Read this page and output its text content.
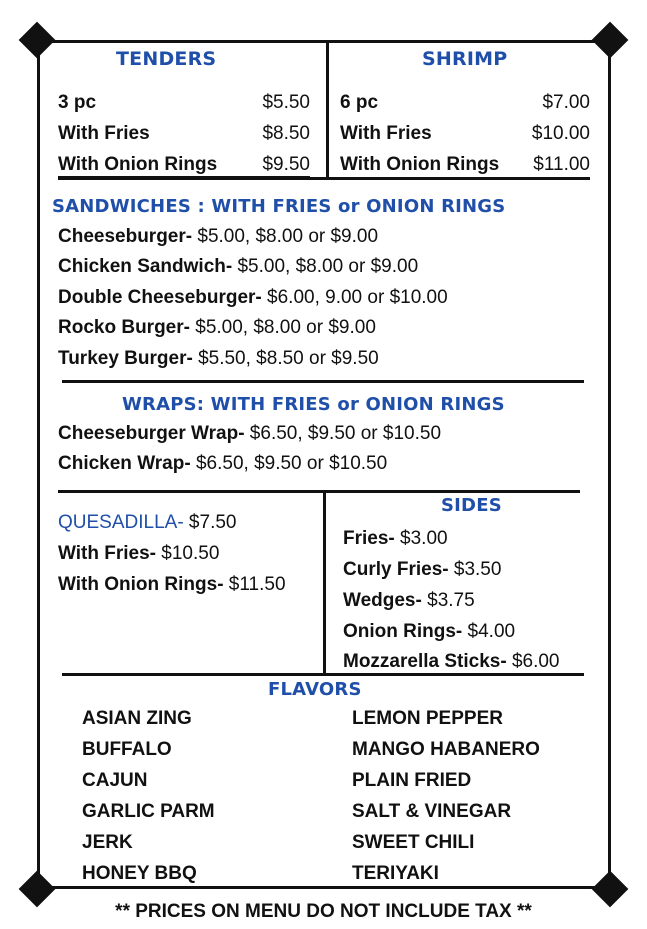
TENDERS	SHRIMP
3 pc	$5.50
With Fries	$8.50
With Onion Rings	$9.50
6 pc	$7.00
With Fries	$10.00
With Onion Rings	$11.00
SANDWICHES : WITH FRIES or ONION RINGS
Cheeseburger- $5.00, $8.00 or $9.00
Chicken Sandwich- $5.00, $8.00 or $9.00
Double Cheeseburger- $6.00, 9.00 or $10.00
Rocko Burger- $5.00, $8.00 or $9.00
Turkey Burger- $5.50, $8.50 or $9.50
WRAPS: WITH FRIES or ONION RINGS
Cheeseburger Wrap- $6.50, $9.50 or $10.50
Chicken Wrap- $6.50, $9.50 or $10.50
QUESADILLA- $7.50
With Fries- $10.50
With Onion Rings- $11.50
SIDES
Fries- $3.00
Curly Fries- $3.50
Wedges- $3.75
Onion Rings- $4.00
Mozzarella Sticks- $6.00
FLAVORS
ASIAN ZING
BUFFALO
CAJUN
GARLIC PARM
JERK
HONEY BBQ
LEMON PEPPER
MANGO HABANERO
PLAIN FRIED
SALT & VINEGAR
SWEET CHILI
TERIYAKI
** PRICES ON MENU DO NOT INCLUDE TAX **
